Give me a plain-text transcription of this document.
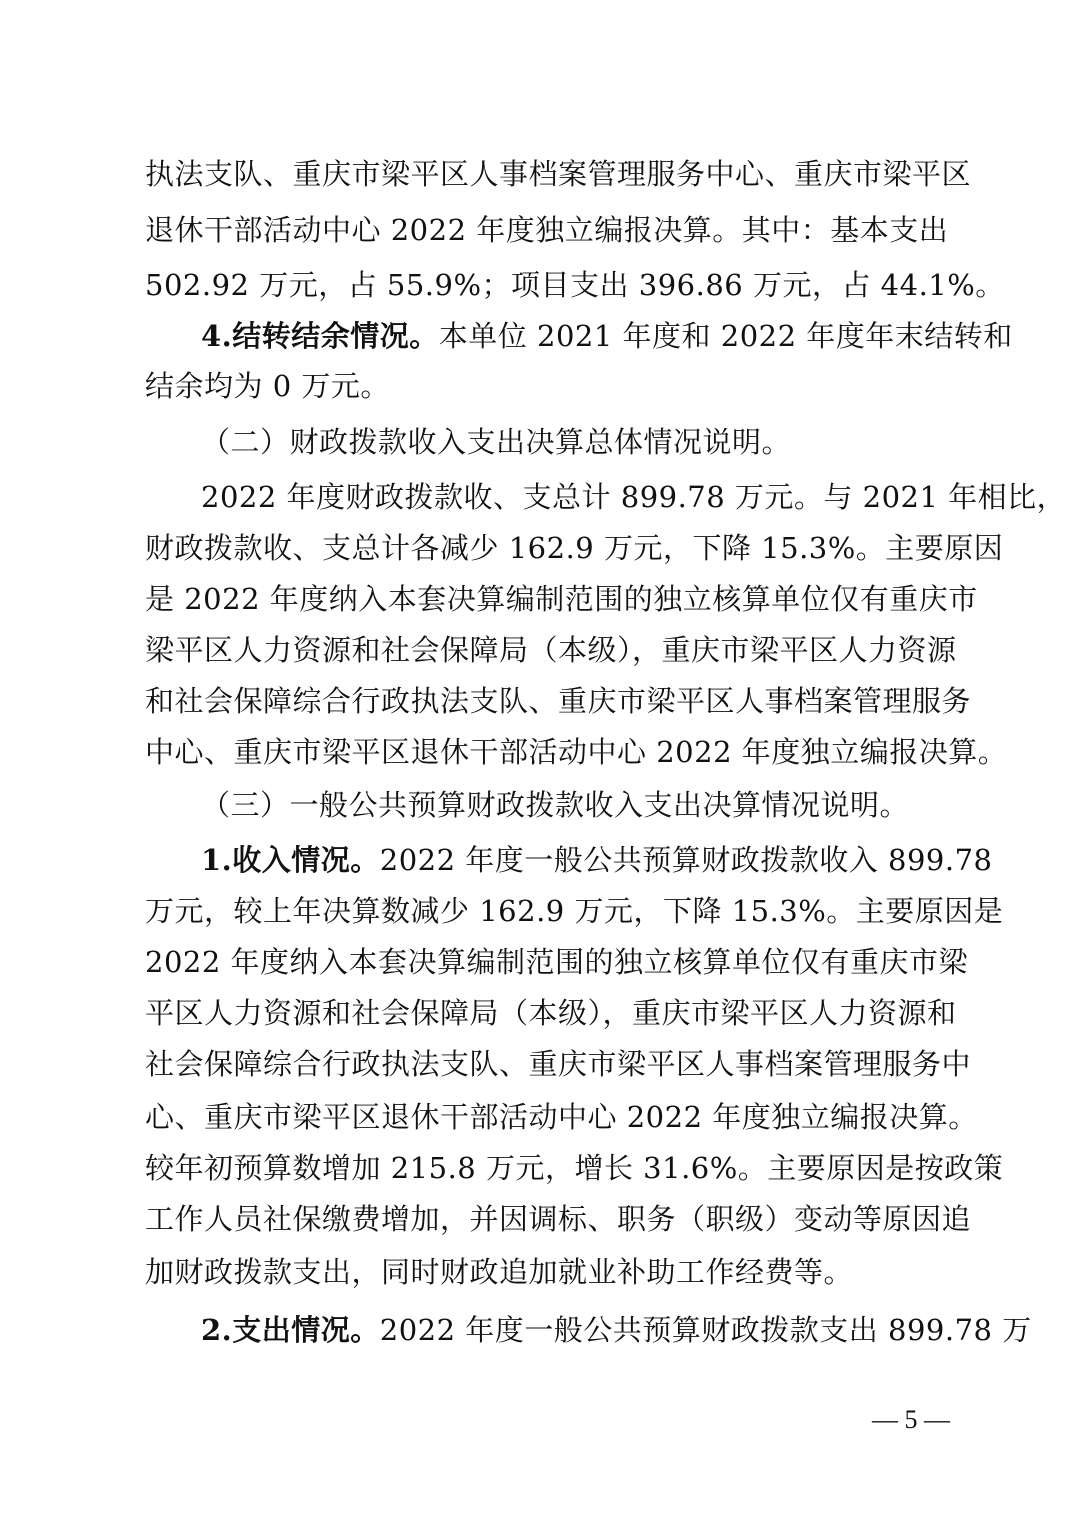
执法支队、重庆市梁平区人事档案管理服务中心、重庆市梁平区
退休干部活动中心 2022 年度独立编报决算。其中：基本支出
502.92 万元，占 55.9%；项目支出 396.86 万元，占 44.1%。
4.结转结余情况。本单位 2021 年度和 2022 年度年末结转和
结余均为 0 万元。
（二）财政拨款收入支出决算总体情况说明。
2022 年度财政拨款收、支总计 899.78 万元。与 2021 年相比，
财政拨款收、支总计各减少 162.9 万元，下降 15.3%。主要原因
是 2022 年度纳入本套决算编制范围的独立核算单位仅有重庆市
梁平区人力资源和社会保障局（本级），重庆市梁平区人力资源
和社会保障综合行政执法支队、重庆市梁平区人事档案管理服务
中心、重庆市梁平区退休干部活动中心 2022 年度独立编报决算。
（三）一般公共预算财政拨款收入支出决算情况说明。
1.收入情况。2022 年度一般公共预算财政拨款收入 899.78
万元，较上年决算数减少 162.9 万元，下降 15.3%。主要原因是
2022 年度纳入本套决算编制范围的独立核算单位仅有重庆市梁
平区人力资源和社会保障局（本级），重庆市梁平区人力资源和
社会保障综合行政执法支队、重庆市梁平区人事档案管理服务中
心、重庆市梁平区退休干部活动中心 2022 年度独立编报决算。
较年初预算数增加 215.8 万元，增长 31.6%。主要原因是按政策
工作人员社保缴费增加，并因调标、职务（职级）变动等原因追
加财政拨款支出，同时财政追加就业补助工作经费等。
2.支出情况。2022 年度一般公共预算财政拨款支出 899.78 万
— 5 —
